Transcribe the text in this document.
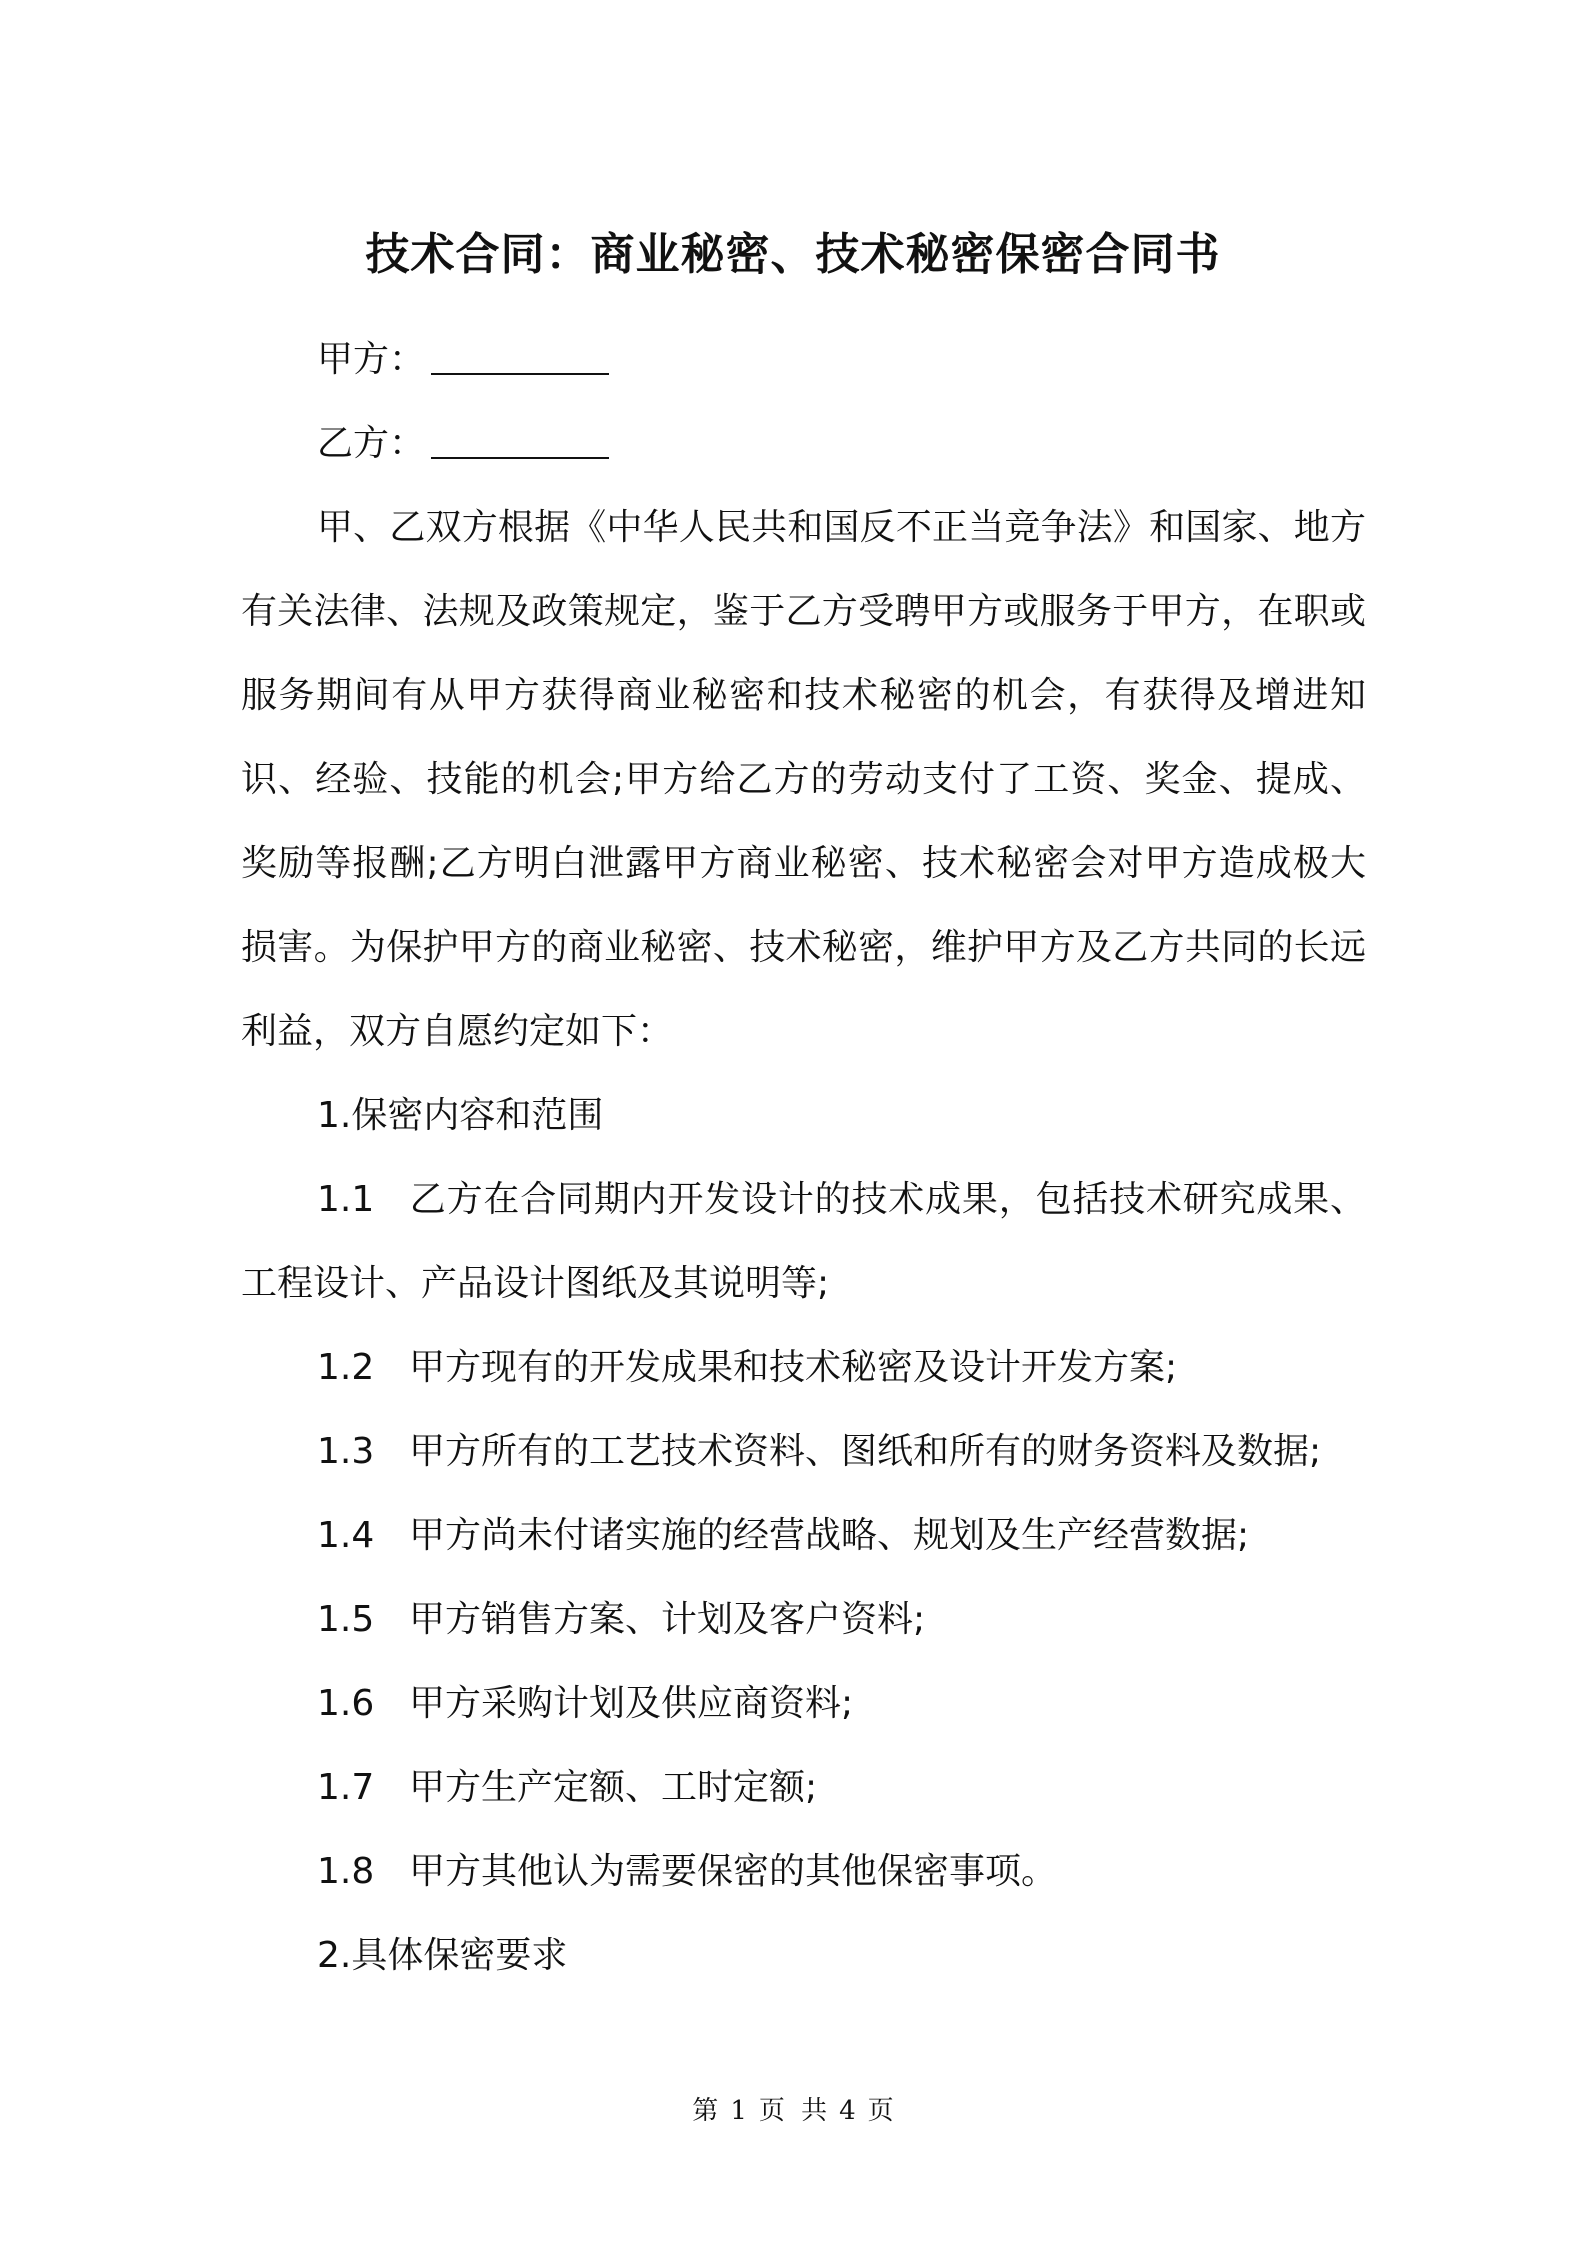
技术合同：商业秘密、技术秘密保密合同书
甲方：
乙方：
甲、乙双方根据《中华人民共和国反不正当竞争法》和国家、地方有关法律、法规及政策规定，鉴于乙方受聘甲方或服务于甲方，在职或服务期间有从甲方获得商业秘密和技术秘密的机会，有获得及增进知识、经验、技能的机会;甲方给乙方的劳动支付了工资、奖金、提成、奖励等报酬;乙方明白泄露甲方商业秘密、技术秘密会对甲方造成极大损害。为保护甲方的商业秘密、技术秘密，维护甲方及乙方共同的长远利益，双方自愿约定如下：
1.保密内容和范围
1.1 乙方在合同期内开发设计的技术成果，包括技术研究成果、工程设计、产品设计图纸及其说明等;
1.2 甲方现有的开发成果和技术秘密及设计开发方案;
1.3 甲方所有的工艺技术资料、图纸和所有的财务资料及数据;
1.4 甲方尚未付诸实施的经营战略、规划及生产经营数据;
1.5 甲方销售方案、计划及客户资料;
1.6 甲方采购计划及供应商资料;
1.7 甲方生产定额、工时定额;
1.8 甲方其他认为需要保密的其他保密事项。
2.具体保密要求
第 1 页 共 4 页
